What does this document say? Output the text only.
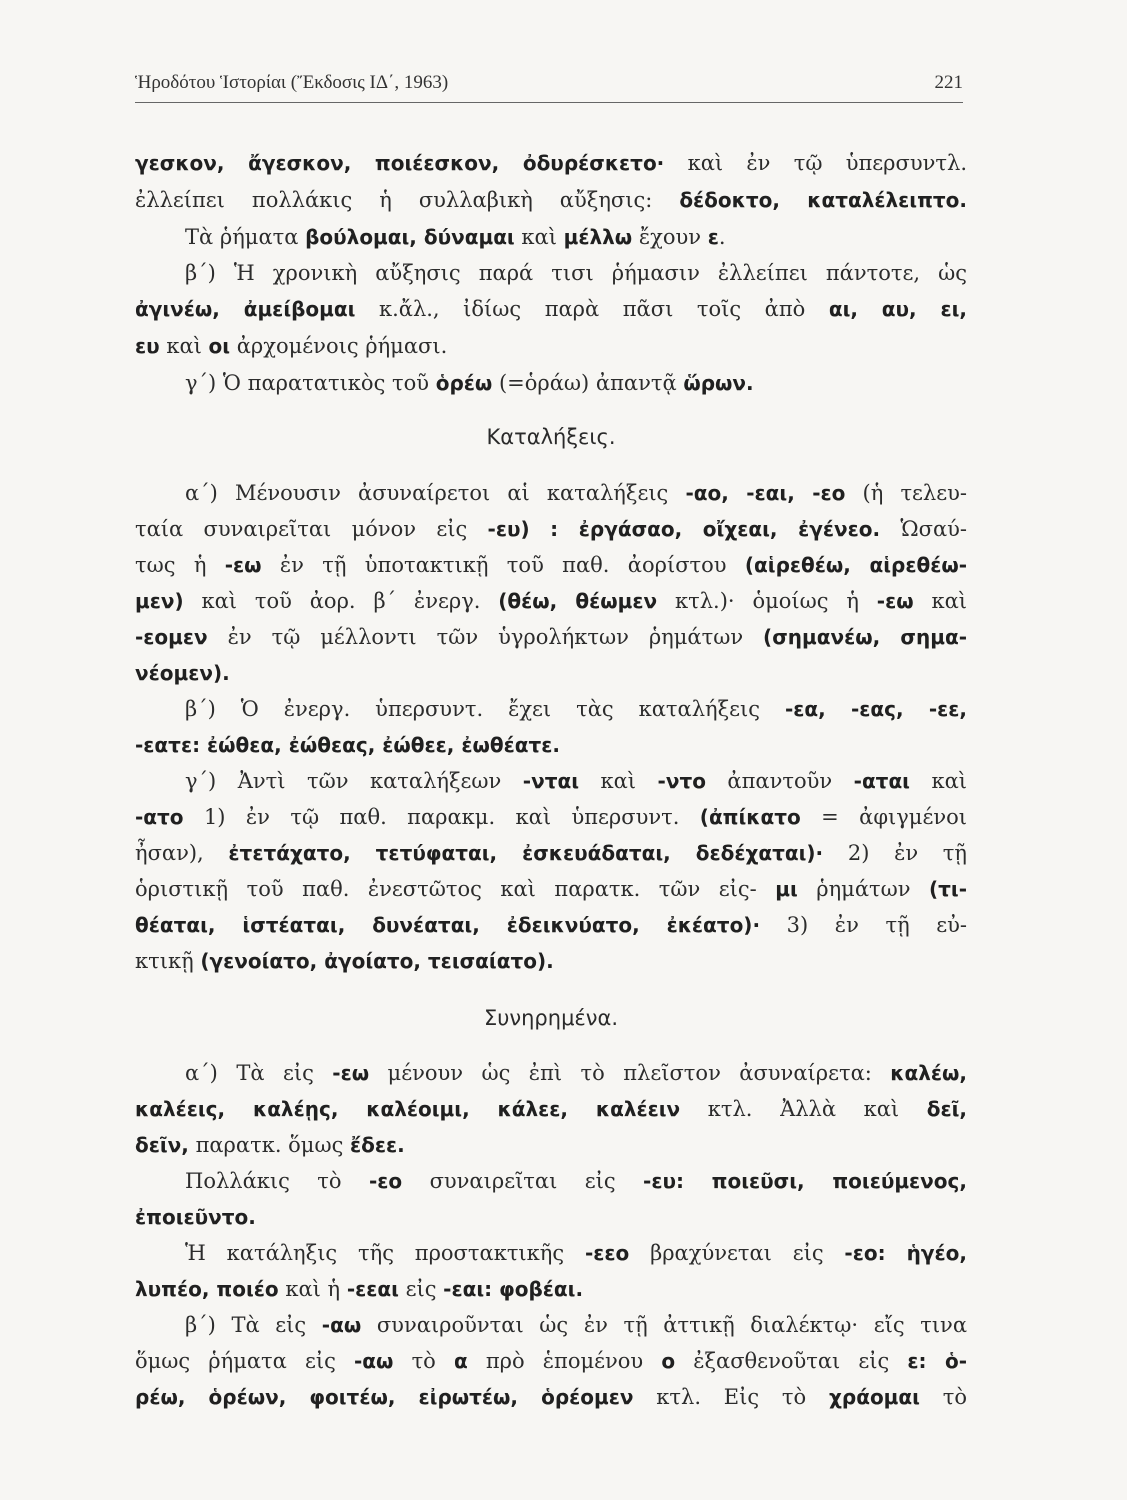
Ἡροδότου Ἱστορίαι (Ἔκδοσις ΙΔ΄, 1963)	221
γεσκον, ἄγεσκον, ποιέεσκον, ὀδυρέσκετο· καὶ ἐν τῷ ὑπερσυντλ.
ἐλλείπει πολλάκις ἡ συλλαβικὴ αὔξησις: δέδοκτο, καταλέλειπτο.
Τὰ ῥήματα βούλομαι, δύναμαι καὶ μέλλω ἔχουν ε.
β΄) Ἡ χρονικὴ αὔξησις παρά τισι ῥήμασιν ἐλλείπει πάντοτε, ὡς
ἀγινέω, ἀμείβομαι κ.ἄλ., ἰδίως παρὰ πᾶσι τοῖς ἀπὸ αι, αυ, ει,
ευ καὶ οι ἀρχομένοις ῥήμασι.
γ΄) Ὁ παρατατικὸς τοῦ ὁρέω (=ὁράω) ἀπαντᾷ ὥρων.
Καταλήξεις.
α΄) Μένουσιν ἀσυναίρετοι αἱ καταλήξεις -αο, -εαι, -εο (ἡ τελευ-
ταία συναιρεῖται μόνον εἰς -ευ) : ἐργάσαο, οἴχεαι, ἐγένεο. Ὡσαύ-
τως ἡ -εω ἐν τῇ ὑποτακτικῇ τοῦ παθ. ἀορίστου (αἱρεθέω, αἱρεθέω-
μεν) καὶ τοῦ ἀορ. β΄ ἐνεργ. (θέω, θέωμεν κτλ.)· ὁμοίως ἡ -εω καὶ
-εομεν ἐν τῷ μέλλοντι τῶν ὑγρολήκτων ῥημάτων (σημανέω, σημα-
νέομεν).
β΄) Ὁ ἐνεργ. ὑπερσυντ. ἔχει τὰς καταλήξεις -εα, -εας, -εε,
-εατε: ἐώθεα, ἐώθεας, ἐώθεε, ἐωθέατε.
γ΄) Ἀντὶ τῶν καταλήξεων -νται καὶ -ντο ἀπαντοῦν -αται καὶ
-ατο 1) ἐν τῷ παθ. παρακμ. καὶ ὑπερσυντ. (ἀπίκατο = ἀφιγμένοι
ἦσαν), ἐτετάχατο, τετύφαται, ἐσκευάδαται, δεδέχαται)· 2) ἐν τῇ
ὁριστικῇ τοῦ παθ. ἐνεστῶτος καὶ παρατκ. τῶν εἰς- μι ῥημάτων (τι-
θέαται, ἱστέαται, δυνέαται, ἐδεικνύατο, ἐκέατο)· 3) ἐν τῇ εὐ-
κτικῇ (γενοίατο, ἀγοίατο, τεισαίατο).
Συνηρημένα.
α΄) Τὰ εἰς -εω μένουν ὡς ἐπὶ τὸ πλεῖστον ἀσυναίρετα: καλέω,
καλέεις, καλέῃς, καλέοιμι, κάλεε, καλέειν κτλ. Ἀλλὰ καὶ δεῖ,
δεῖν, παρατκ. ὅμως ἔδεε.
Πολλάκις τὸ -εο συναιρεῖται εἰς -ευ: ποιεῦσι, ποιεύμενος,
ἐποιεῦντο.
Ἡ κατάληξις τῆς προστακτικῆς -εεο βραχύνεται εἰς -εο: ἡγέο,
λυπέο, ποιέο καὶ ἡ -εεαι εἰς -εαι: φοβέαι.
β΄) Τὰ εἰς -αω συναιροῦνται ὡς ἐν τῇ ἀττικῇ διαλέκτῳ· εἴς τινα
ὅμως ῥήματα εἰς -αω τὸ α πρὸ ἑπομένου ο ἐξασθενοῦται εἰς ε: ὁ-
ρέω, ὁρέων, φοιτέω, εἰρωτέω, ὁρέομεν κτλ. Εἰς τὸ χράομαι τὸ
